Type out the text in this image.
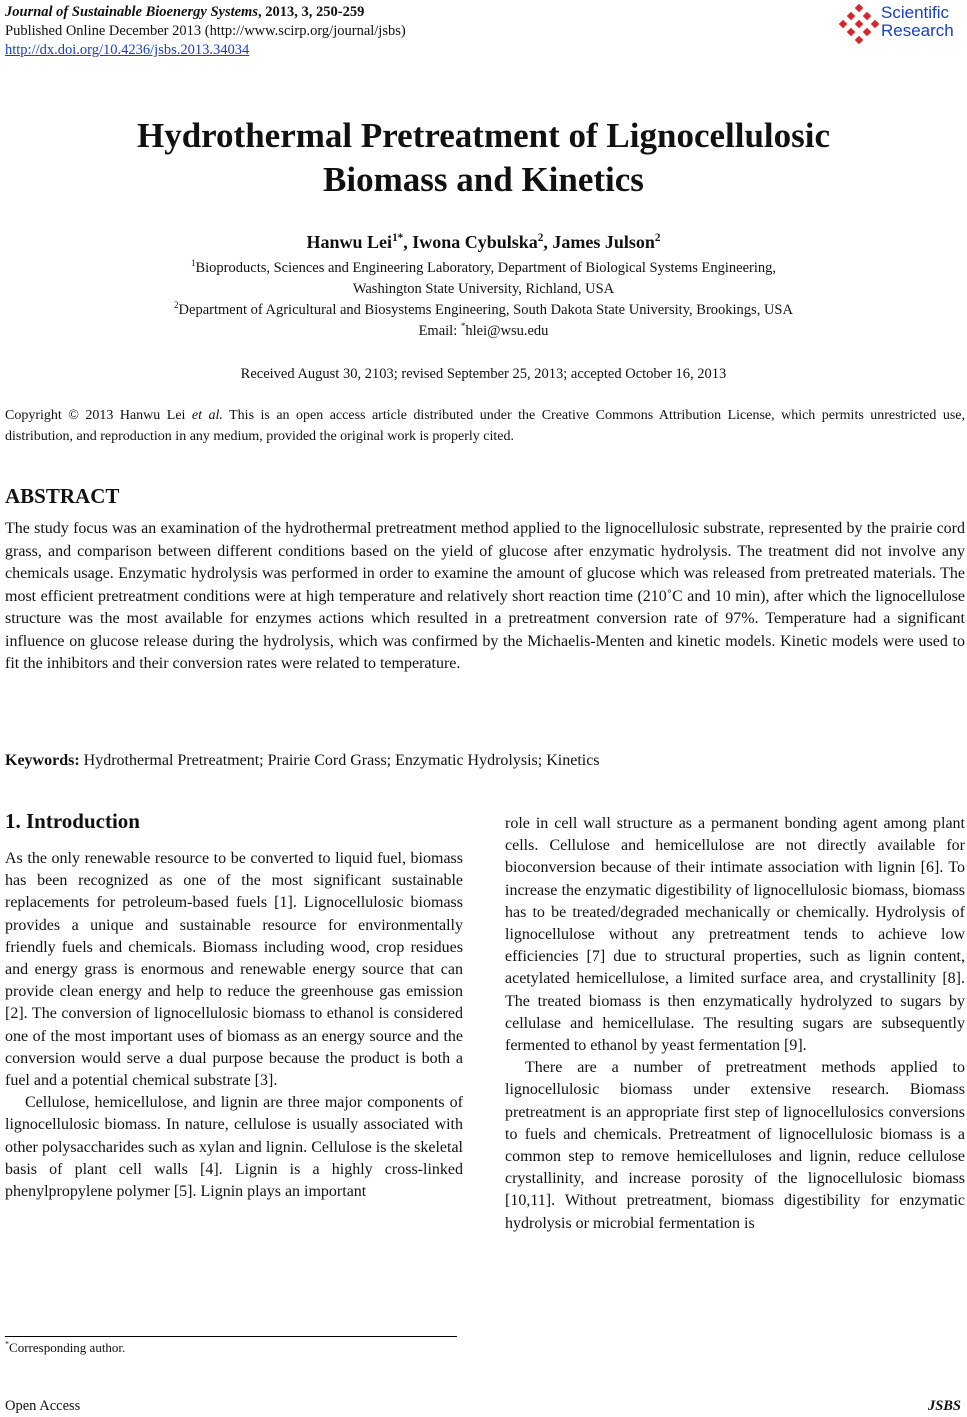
Journal of Sustainable Bioenergy Systems, 2013, 3, 250-259
Published Online December 2013 (http://www.scirp.org/journal/jsbs)
http://dx.doi.org/10.4236/jsbs.2013.34034
Scientific
Research
Hydrothermal Pretreatment of Lignocellulosic
Biomass and Kinetics
Hanwu Lei$^{1*}$, Iwona Cybulska$^2$, James Julson$^2$
$^1$Bioproducts, Sciences and Engineering Laboratory, Department of Biological Systems Engineering,
Washington State University, Richland, USA
$^2$Department of Agricultural and Biosystems Engineering, South Dakota State University, Brookings, USA
Email: *hlei@wsu.edu
Received August 30, 2103; revised September 25, 2013; accepted October 16, 2013
Copyright © 2013 Hanwu Lei et al. This is an open access article distributed under the Creative Commons Attribution License, which permits unrestricted use, distribution, and reproduction in any medium, provided the original work is properly cited.
ABSTRACT
The study focus was an examination of the hydrothermal pretreatment method applied to the lignocellulosic substrate, represented by the prairie cord grass, and comparison between different conditions based on the yield of glucose after enzymatic hydrolysis. The treatment did not involve any chemicals usage. Enzymatic hydrolysis was performed in order to examine the amount of glucose which was released from pretreated materials. The most efficient pretreatment conditions were at high temperature and relatively short reaction time (210˚C and 10 min), after which the lignocellulose structure was the most available for enzymes actions which resulted in a pretreatment conversion rate of 97%. Temperature had a significant influence on glucose release during the hydrolysis, which was confirmed by the Michaelis-Menten and kinetic models. Kinetic models were used to fit the inhibitors and their conversion rates were related to temperature.
Keywords: Hydrothermal Pretreatment; Prairie Cord Grass; Enzymatic Hydrolysis; Kinetics
1. Introduction

As the only renewable resource to be converted to liquid fuel, biomass has been recognized as one of the most significant sustainable replacements for petroleum-based fuels [1]. Lignocellulosic biomass provides a unique and sustainable resource for environmentally friendly fuels and chemicals. Biomass including wood, crop residues and energy grass is enormous and renewable energy source that can provide clean energy and help to reduce the greenhouse gas emission [2]. The conversion of lignocellulosic biomass to ethanol is considered one of the most important uses of biomass as an energy source and the conversion would serve a dual purpose because the product is both a fuel and a potential chemical substrate [3].

Cellulose, hemicellulose, and lignin are three major components of lignocellulosic biomass. In nature, cellulose is usually associated with other polysaccharides such as xylan and lignin. Cellulose is the skeletal basis of plant cell walls [4]. Lignin is a highly cross-linked phenylpropylene polymer [5]. Lignin plays an important

role in cell wall structure as a permanent bonding agent among plant cells. Cellulose and hemicellulose are not directly available for bioconversion because of their intimate association with lignin [6]. To increase the enzymatic digestibility of lignocellulosic biomass, biomass has to be treated/degraded mechanically or chemically. Hydrolysis of lignocellulose without any pretreatment tends to achieve low efficiencies [7] due to structural properties, such as lignin content, acetylated hemicellulose, a limited surface area, and crystallinity [8]. The treated biomass is then enzymatically hydrolyzed to sugars by cellulase and hemicellulase. The resulting sugars are subsequently fermented to ethanol by yeast fermentation [9].

There are a number of pretreatment methods applied to lignocellulosic biomass under extensive research. Biomass pretreatment is an appropriate first step of lignocellulosics conversions to fuels and chemicals. Pretreatment of lignocellulosic biomass is a common step to remove hemicelluloses and lignin, reduce cellulose crystallinity, and increase porosity of the lignocellulosic biomass [10,11]. Without pretreatment, biomass digestibility for enzymatic hydrolysis or microbial fermentation is

*Corresponding author.
Open Access	JSBS
